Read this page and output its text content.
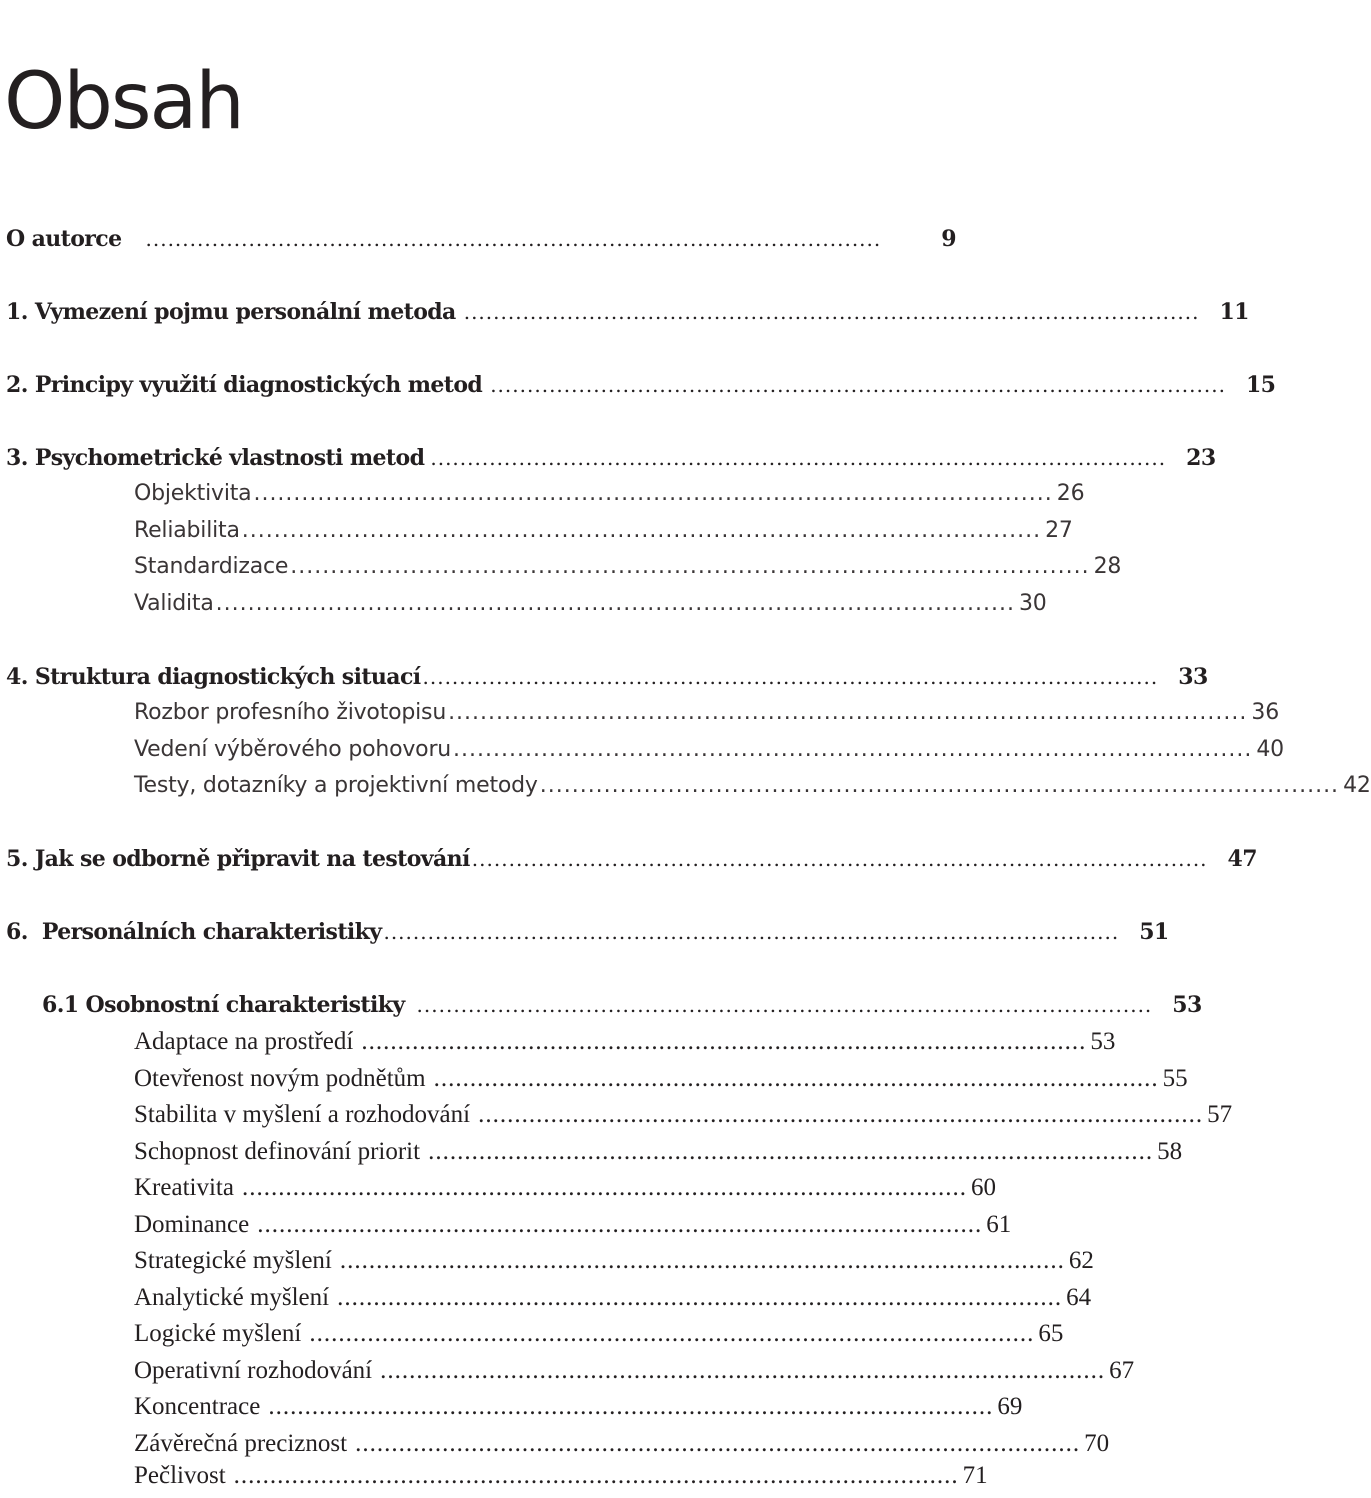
Obsah
O autorce ....................................................................................................	9
1. Vymezení pojmu personální metoda .................................................................................................... 11
2. Principy využití diagnostických metod .................................................................................................... 15
3. Psychometrické vlastnosti metod .................................................................................................... 23
Objektivita .................................................................................................... 26
Reliabilita .................................................................................................... 27
Standardizace .................................................................................................... 28
Validita .................................................................................................... 30
4. Struktura diagnostických situací .................................................................................................... 33
Rozbor profesního životopisu .................................................................................................... 36
Vedení výběrového pohovoru .................................................................................................... 40
Testy, dotazníky a projektivní metody .................................................................................................... 42
5. Jak se odborně připravit na testování .................................................................................................... 47
6.  Personálních charakteristiky .................................................................................................... 51
6.1 Osobnostní charakteristiky .................................................................................................... 53
Adaptace na prostředí .................................................................................................... 53
Otevřenost novým podnětům .................................................................................................... 55
Stabilita v myšlení a rozhodování .................................................................................................... 57
Schopnost definování priorit .................................................................................................... 58
Kreativita .................................................................................................... 60
Dominance .................................................................................................... 61
Strategické myšlení .................................................................................................... 62
Analytické myšlení .................................................................................................... 64
Logické myšlení .................................................................................................... 65
Operativní rozhodování .................................................................................................... 67
Koncentrace .................................................................................................... 69
Závěrečná preciznost .................................................................................................... 70
Pečlivost .................................................................................................... 71
